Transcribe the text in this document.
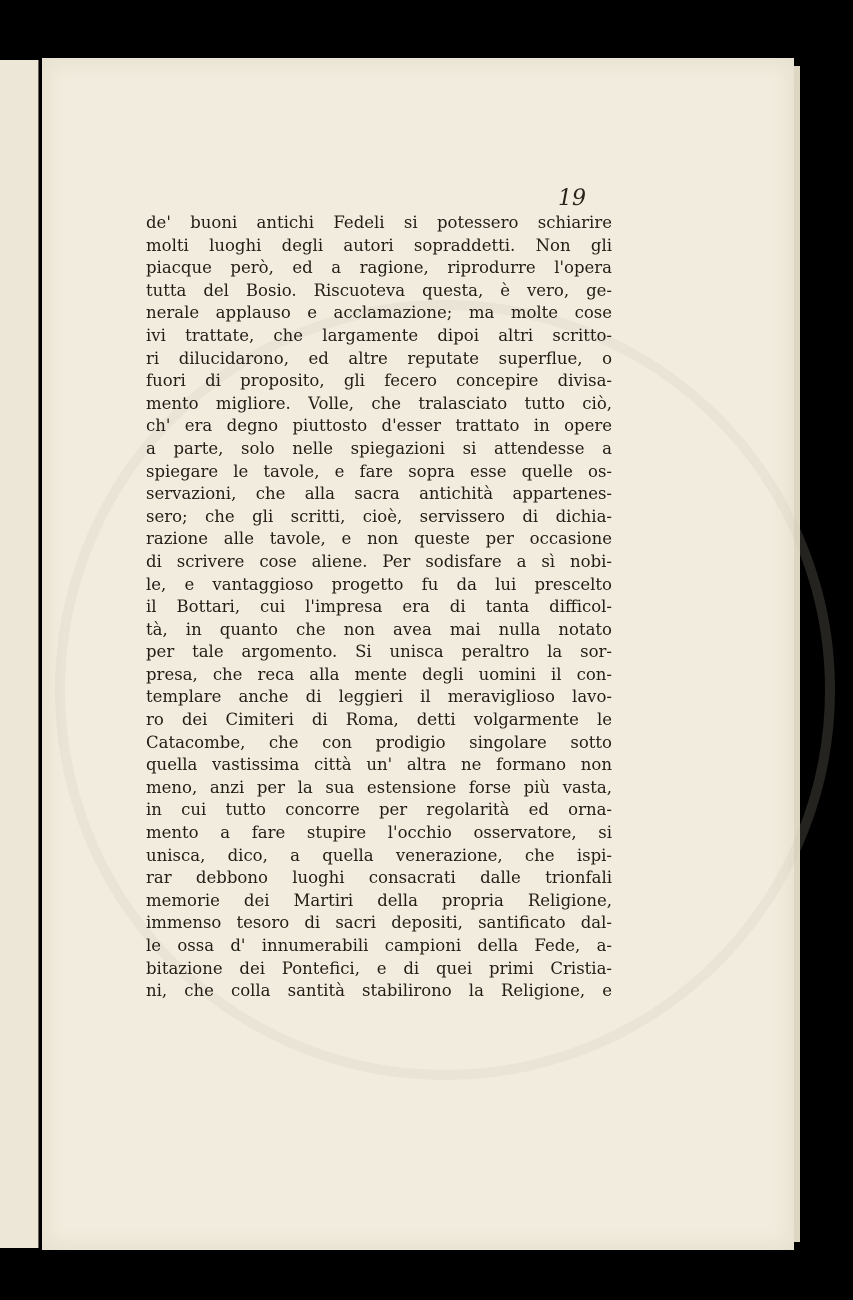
19
de' buoni antichi Fedeli si potessero schiarire
molti luoghi degli autori sopraddetti. Non gli
piacque però, ed a ragione, riprodurre l'opera
tutta del Bosio. Riscuoteva questa, è vero, ge-
nerale applauso e acclamazione; ma molte cose
ivi trattate, che largamente dipoi altri scritto-
ri dilucidarono, ed altre reputate superflue, o
fuori di proposito, gli fecero concepire divisa-
mento migliore. Volle, che tralasciato tutto ciò,
ch' era degno piuttosto d'esser trattato in opere
a parte, solo nelle spiegazioni si attendesse a
spiegare le tavole, e fare sopra esse quelle os-
servazioni, che alla sacra antichità appartenes-
sero; che gli scritti, cioè, servissero di dichia-
razione alle tavole, e non queste per occasione
di scrivere cose aliene. Per sodisfare a sì nobi-
le, e vantaggioso progetto fu da lui prescelto
il Bottari, cui l'impresa era di tanta difficol-
tà, in quanto che non avea mai nulla notato
per tale argomento. Si unisca peraltro la sor-
presa, che reca alla mente degli uomini il con-
templare anche di leggieri il meraviglioso lavo-
ro dei Cimiteri di Roma, detti volgarmente le
Catacombe, che con prodigio singolare sotto
quella vastissima città un' altra ne formano non
meno, anzi per la sua estensione forse più vasta,
in cui tutto concorre per regolarità ed orna-
mento a fare stupire l'occhio osservatore, si
unisca, dico, a quella venerazione, che ispi-
rar debbono luoghi consacrati dalle trionfali
memorie dei Martiri della propria Religione,
immenso tesoro di sacri depositi, santificato dal-
le ossa d' innumerabili campioni della Fede, a-
bitazione dei Pontefici, e di quei primi Cristia-
ni, che colla santità stabilirono la Religione, e
